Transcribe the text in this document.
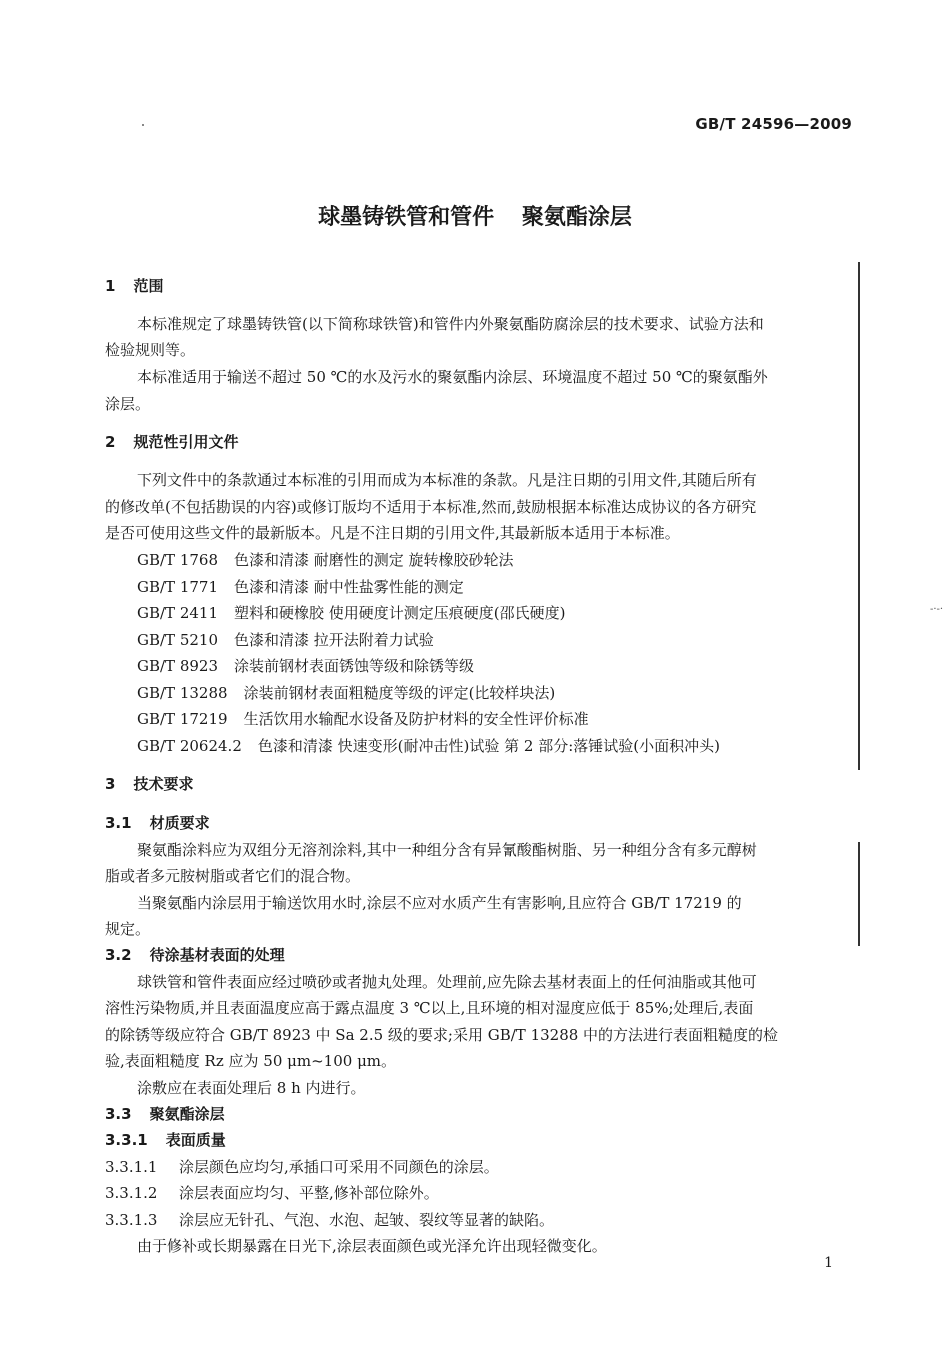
GB/T 24596—2009
球墨铸铁管和管件 聚氨酯涂层
-·-·
1 范围
本标准规定了球墨铸铁管(以下简称球铁管)和管件内外聚氨酯防腐涂层的技术要求、试验方法和
检验规则等。
本标准适用于输送不超过 50 ℃的水及污水的聚氨酯内涂层、环境温度不超过 50 ℃的聚氨酯外
涂层。
2 规范性引用文件
下列文件中的条款通过本标准的引用而成为本标准的条款。凡是注日期的引用文件,其随后所有
的修改单(不包括勘误的内容)或修订版均不适用于本标准,然而,鼓励根据本标准达成协议的各方研究
是否可使用这些文件的最新版本。凡是不注日期的引用文件,其最新版本适用于本标准。
GB/T 1768 色漆和清漆 耐磨性的测定 旋转橡胶砂轮法
GB/T 1771 色漆和清漆 耐中性盐雾性能的测定
GB/T 2411 塑料和硬橡胶 使用硬度计测定压痕硬度(邵氏硬度)
GB/T 5210 色漆和清漆 拉开法附着力试验
GB/T 8923 涂装前钢材表面锈蚀等级和除锈等级
GB/T 13288 涂装前钢材表面粗糙度等级的评定(比较样块法)
GB/T 17219 生活饮用水输配水设备及防护材料的安全性评价标准
GB/T 20624.2 色漆和清漆 快速变形(耐冲击性)试验 第 2 部分:落锤试验(小面积冲头)
3 技术要求
3.1 材质要求
聚氨酯涂料应为双组分无溶剂涂料,其中一种组分含有异氰酸酯树脂、另一种组分含有多元醇树
脂或者多元胺树脂或者它们的混合物。
当聚氨酯内涂层用于输送饮用水时,涂层不应对水质产生有害影响,且应符合 GB/T 17219 的
规定。
3.2 待涂基材表面的处理
球铁管和管件表面应经过喷砂或者抛丸处理。处理前,应先除去基材表面上的任何油脂或其他可
溶性污染物质,并且表面温度应高于露点温度 3 ℃以上,且环境的相对湿度应低于 85%;处理后,表面
的除锈等级应符合 GB/T 8923 中 Sa 2.5 级的要求;采用 GB/T 13288 中的方法进行表面粗糙度的检
验,表面粗糙度 Rz 应为 50 μm~100 μm。
涂敷应在表面处理后 8 h 内进行。
3.3 聚氨酯涂层
3.3.1 表面质量
3.3.1.1 涂层颜色应均匀,承插口可采用不同颜色的涂层。
3.3.1.2 涂层表面应均匀、平整,修补部位除外。
3.3.1.3 涂层应无针孔、气泡、水泡、起皱、裂纹等显著的缺陷。
由于修补或长期暴露在日光下,涂层表面颜色或光泽允许出现轻微变化。
1
